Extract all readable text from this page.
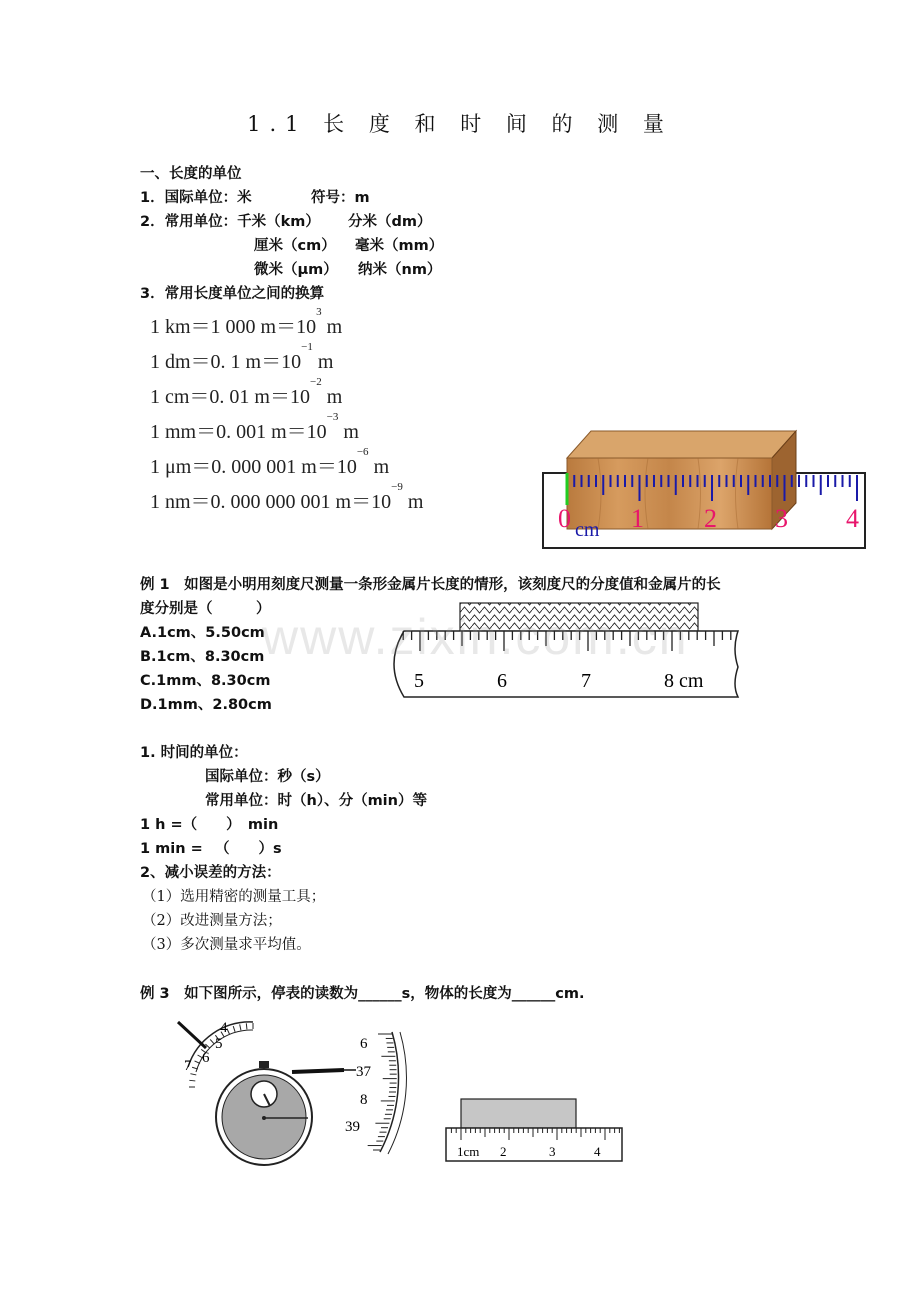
1.1 长 度 和 时 间 的 测 量
一、长度的单位
1．国际单位：米	符号：m
2．常用单位：千米（km） 分米（dm）
厘米（cm） 毫米（mm）
微米（μm） 纳米（nm）
3．常用长度单位之间的换算
1 km＝1 000 $m=10^3$ m
1 dm＝0. 1 $m=10^{-1}$ m
1 cm＝0. 01 $m=10^{-2}$ m
1 mm＝0. 001 $m=10^{-3}$ m
1 μm＝0. 000 001 $m=10^{-6}$ m
1 nm＝0. 000 000 001 $m=10^{-9}$ m
0 1 2 3 4
cm
例 1　如图是小明用刻度尺测量一条形金属片长度的情形，该刻度尺的分度值和金属片的长
度分别是（　　　）
A.1cm、5.50cm
B.1cm、8.30cm
C.1mm、8.30cm
D.1mm、2.80cm
5	6	7	8 cm
www.zixin.com.cn
1. 时间的单位：
国际单位：秒（s）
常用单位：时（h）、分（min）等
1 h =（　　）　min
1 min = 　（　　）s
2、减小误差的方法：
（1）选用精密的测量工具；
（2）改进测量方法；
（3）多次测量求平均值。
例 3　如下图所示，停表的读数为______s，物体的长度为______cm.
4
5
6
7
6
37
8
39
1cm 2	3	4
